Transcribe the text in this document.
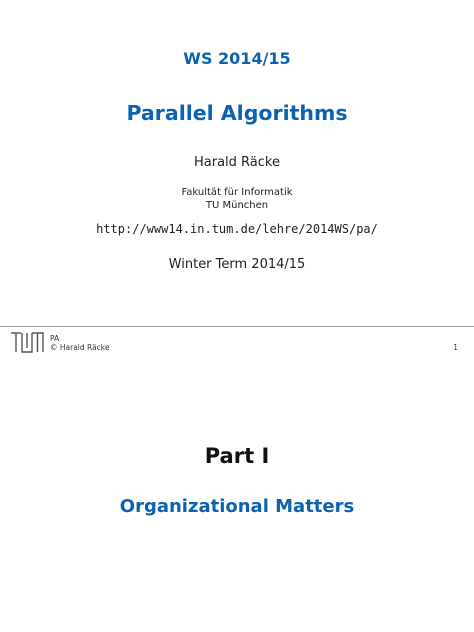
WS 2014/15
Parallel Algorithms
Harald Räcke
Fakultät für Informatik
TU München
http://www14.in.tum.de/lehre/2014WS/pa/
Winter Term 2014/15
PA
© Harald Räcke	1
Part I
Organizational Matters
